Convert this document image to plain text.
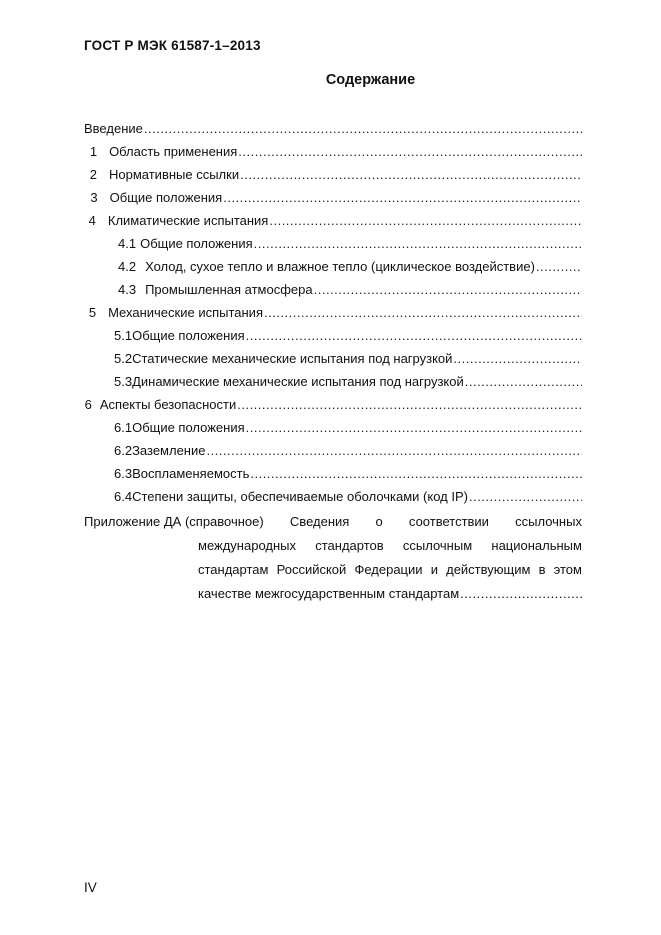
ГОСТ Р МЭК 61587-1–2013
Содержание
Введение
.....
1 Область применения
.....
2 Нормативные ссылки
.....
3 Общие положения
.....
4 Климатические испытания
.....
4.1 Общие положения
.....
4.2 Холод, сухое тепло и влажное тепло (циклическое воздействие)
.....
4.3 Промышленная атмосфера
.....
5 Механические испытания
.....
5.1 Общие положения
.....
5.2 Статические механические испытания под нагрузкой
.....
5.3 Динамические механические испытания под нагрузкой
.....
6 Аспекты безопасности
.....
6.1 Общие положения
.....
6.2 Заземление
.....
6.3 Воспламеняемость
.....
6.4 Степени защиты, обеспечиваемые оболочками (код IP)
.....
Приложение ДА (справочное) Сведения о соответствии ссылочных
международных стандартов ссылочным национальным
стандартам Российской Федерации и действующим в этом
качестве межгосударственным стандартам
.....
IV
